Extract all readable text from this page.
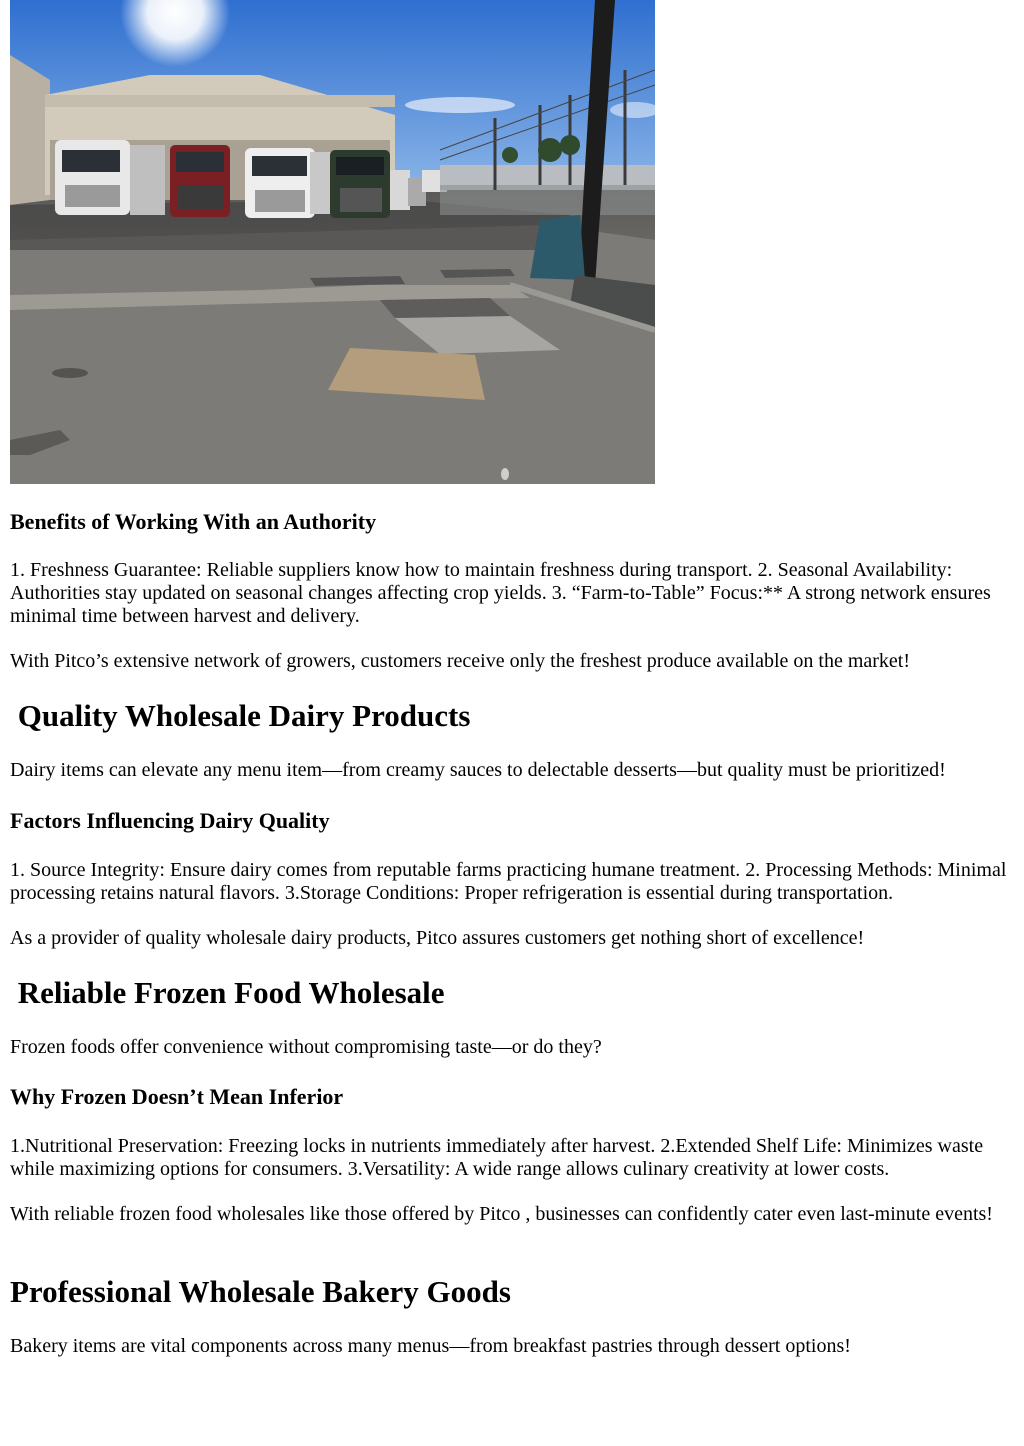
Benefits of Working With an Authority

1. Freshness Guarantee: Reliable suppliers know how to maintain freshness during transport. 2. Seasonal Availability: Authorities stay updated on seasonal changes affecting crop yields. 3. “Farm-to-Table” Focus:** A strong network ensures minimal time between harvest and delivery.

With Pitco’s extensive network of growers, customers receive only the freshest produce available on the market!

Quality Wholesale Dairy Products

Dairy items can elevate any menu item—from creamy sauces to delectable desserts—but quality must be prioritized!

Factors Influencing Dairy Quality

1. Source Integrity: Ensure dairy comes from reputable farms practicing humane treatment. 2. Processing Methods: Minimal processing retains natural flavors. 3.Storage Conditions: Proper refrigeration is essential during transportation.

As a provider of quality wholesale dairy products, Pitco assures customers get nothing short of excellence!

Reliable Frozen Food Wholesale

Frozen foods offer convenience without compromising taste—or do they?

Why Frozen Doesn’t Mean Inferior

1.Nutritional Preservation: Freezing locks in nutrients immediately after harvest. 2.Extended Shelf Life: Minimizes waste while maximizing options for consumers. 3.Versatility: A wide range allows culinary creativity at lower costs.

With reliable frozen food wholesales like those offered by Pitco , businesses can confidently cater even last-minute events!

Professional Wholesale Bakery Goods

Bakery items are vital components across many menus—from breakfast pastries through dessert options!
